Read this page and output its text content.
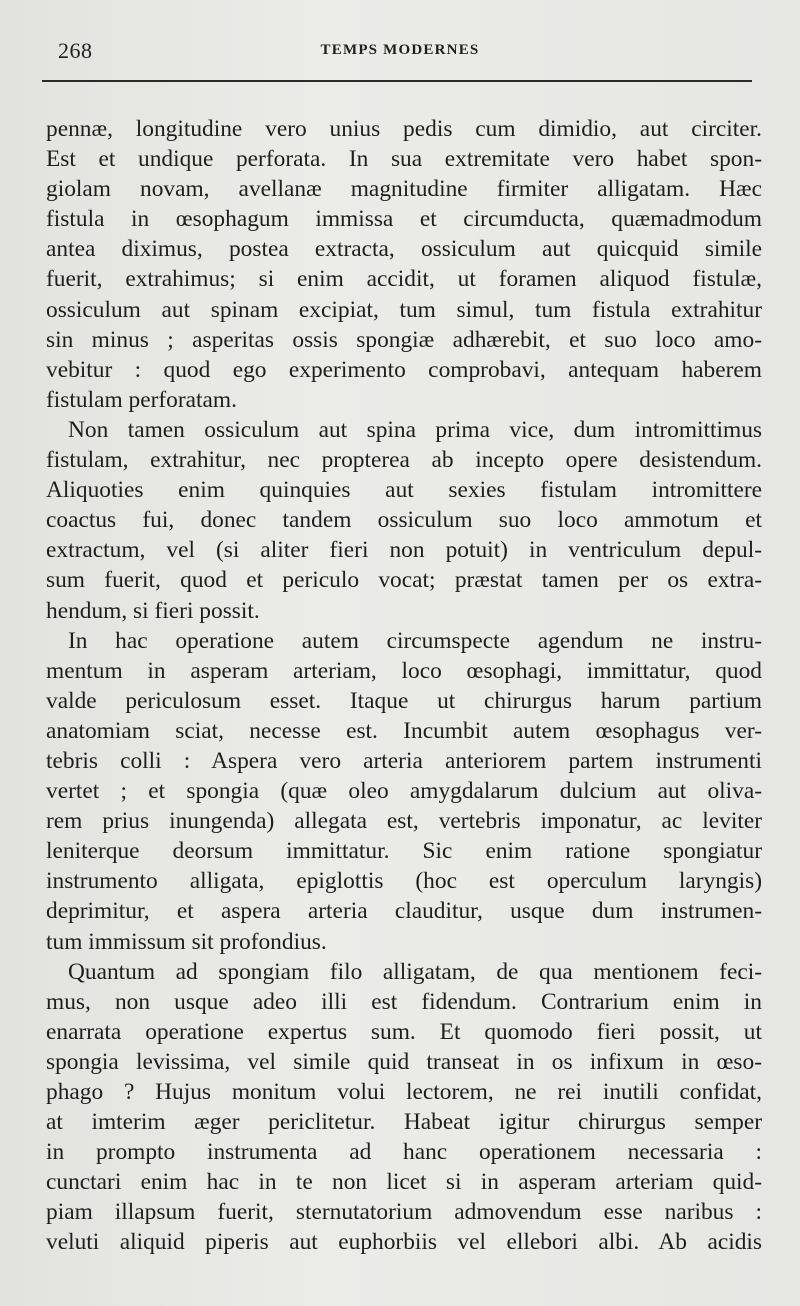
268	TEMPS MODERNES
pennæ, longitudine vero unius pedis cum dimidio, aut circiter.
Est et undique perforata. In sua extremitate vero habet spon-
giolam novam, avellanæ magnitudine firmiter alligatam. Hæc
fistula in œsophagum immissa et circumducta, quæmadmodum
antea diximus, postea extracta, ossiculum aut quicquid simile
fuerit, extrahimus; si enim accidit, ut foramen aliquod fistulæ,
ossiculum aut spinam excipiat, tum simul, tum fistula extrahitur
sin minus ; asperitas ossis spongiæ adhærebit, et suo loco amo-
vebitur : quod ego experimento comprobavi, antequam haberem
fistulam perforatam.
Non tamen ossiculum aut spina prima vice, dum intromittimus
fistulam, extrahitur, nec propterea ab incepto opere desistendum.
Aliquoties enim quinquies aut sexies fistulam intromittere
coactus fui, donec tandem ossiculum suo loco ammotum et
extractum, vel (si aliter fieri non potuit) in ventriculum depul-
sum fuerit, quod et periculo vocat; præstat tamen per os extra-
hendum, si fieri possit.
In hac operatione autem circumspecte agendum ne instru-
mentum in asperam arteriam, loco œsophagi, immittatur, quod
valde periculosum esset. Itaque ut chirurgus harum partium
anatomiam sciat, necesse est. Incumbit autem œsophagus ver-
tebris colli : Aspera vero arteria anteriorem partem instrumenti
vertet ; et spongia (quæ oleo amygdalarum dulcium aut oliva-
rem prius inungenda) allegata est, vertebris imponatur, ac leviter
leniterque deorsum immittatur. Sic enim ratione spongiatur
instrumento alligata, epiglottis (hoc est operculum laryngis)
deprimitur, et aspera arteria clauditur, usque dum instrumen-
tum immissum sit profondius.
Quantum ad spongiam filo alligatam, de qua mentionem feci-
mus, non usque adeo illi est fidendum. Contrarium enim in
enarrata operatione expertus sum. Et quomodo fieri possit, ut
spongia levissima, vel simile quid transeat in os infixum in œso-
phago ? Hujus monitum volui lectorem, ne rei inutili confidat,
at imterim æger periclitetur. Habeat igitur chirurgus semper
in prompto instrumenta ad hanc operationem necessaria :
cunctari enim hac in te non licet si in asperam arteriam quid-
piam illapsum fuerit, sternutatorium admovendum esse naribus :
veluti aliquid piperis aut euphorbiis vel ellebori albi. Ab acidis
